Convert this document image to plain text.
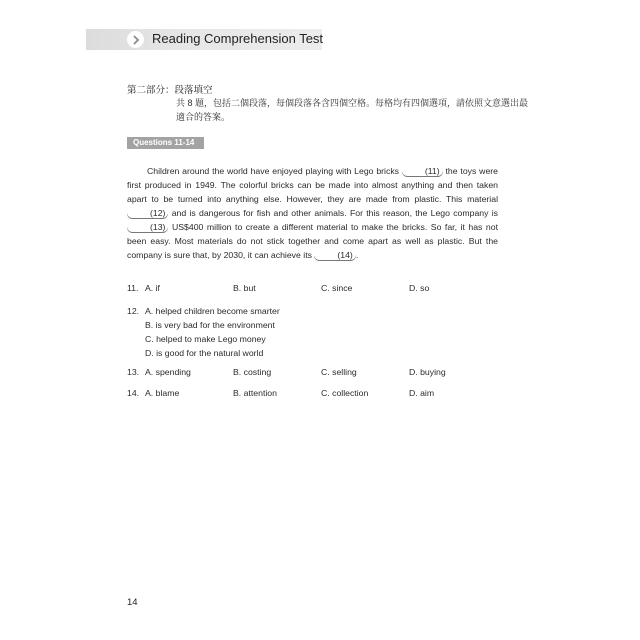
Reading Comprehension Test
第二部分：段落填空
共 8 題，包括二個段落，每個段落各含四個空格。每格均有四個選項，請依照文意選出最適合的答案。
Questions 11-14

Children around the world have enjoyed playing with Lego bricks	(11) the toys were first produced in 1949. The colorful bricks can be made into almost anything and then taken apart to be turned into anything else. However, they are made from plastic. This material (12) and is dangerous for fish and other animals. For this reason, the Lego company is (13) US$400 million to create a different material to make the bricks. So far, it has not been easy. Most materials do not stick together and come apart as well as plastic. But the company is sure that, by 2030, it can achieve its	(14) .

11. A. if	B. but	C. since	D. so
12. A. helped children become smarter
B. is very bad for the environment
C. helped to make Lego money
D. is good for the natural world
13. A. spending	B. costing	C. selling	D. buying
14. A. blame	B. attention	C. collection	D. aim
14
